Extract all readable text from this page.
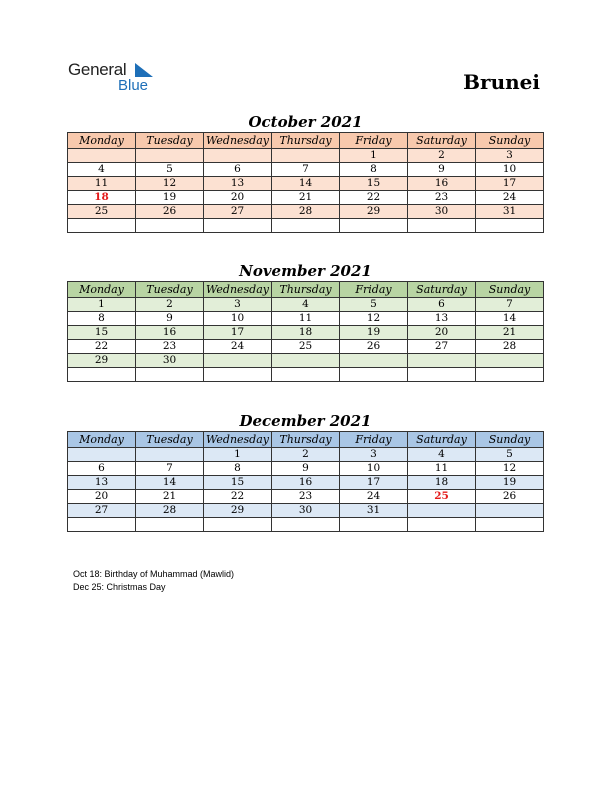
General
Blue	Brunei
October 2021
Monday	Tuesday	Wednesday	Thursday	Friday	Saturday	Sunday
				1	2	3
4	5	6	7	8	9	10
11	12	13	14	15	16	17
18	19	20	21	22	23	24
25	26	27	28	29	30	31

November 2021
Monday	Tuesday	Wednesday	Thursday	Friday	Saturday	Sunday
1	2	3	4	5	6	7
8	9	10	11	12	13	14
15	16	17	18	19	20	21
22	23	24	25	26	27	28
29	30					

December 2021
Monday	Tuesday	Wednesday	Thursday	Friday	Saturday	Sunday
		1	2	3	4	5
6	7	8	9	10	11	12
13	14	15	16	17	18	19
20	21	22	23	24	25	26
27	28	29	30	31		

Oct 18: Birthday of Muhammad (Mawlid)
Dec 25: Christmas Day
